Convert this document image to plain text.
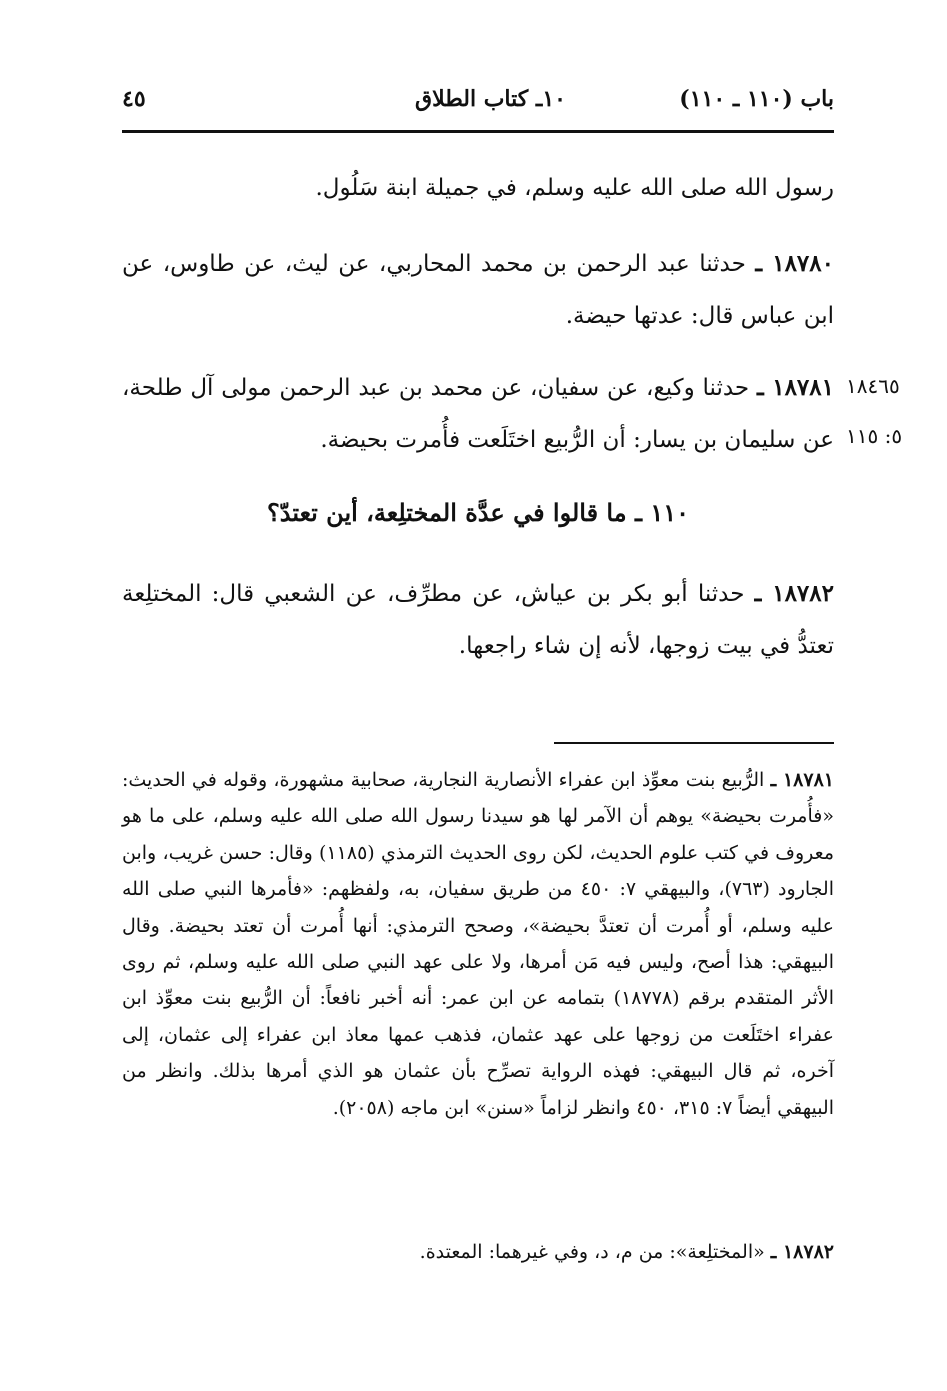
باب (١١٠ ـ ١١٠)
١٠ـ كتاب الطلاق
٤٥

رسول الله صلى الله عليه وسلم، في جميلة ابنة سَلُول.

١٨٧٨٠ ـ حدثنا عبد الرحمن بن محمد المحاربي، عن ليث، عن طاوس، عن ابن عباس قال: عدتها حيضة.

١٨٧٨١ ـ حدثنا وكيع، عن سفيان، عن محمد بن عبد الرحمن مولى آل طلحة، عن سليمان بن يسار: أن الرُّبيع اختَلَعت فأُمرت بحيضة.

١٨٤٦٥
٥: ١١٥
١١٠ ـ ما قالوا في عدَّة المختلِعة، أين تعتدّ؟

١٨٧٨٢ ـ حدثنا أبو بكر بن عياش، عن مطرِّف، عن الشعبي قال: المختلِعة تعتدُّ في بيت زوجها، لأنه إن شاء راجعها.

١٨٧٨١ ـ الرُّبيع بنت معوِّذ ابن عفراء الأنصارية النجارية، صحابية مشهورة، وقوله في الحديث: «فأُمرت بحيضة» يوهم أن الآمر لها هو سيدنا رسول الله صلى الله عليه وسلم، على ما هو معروف في كتب علوم الحديث، لكن روى الحديث الترمذي (١١٨٥) وقال: حسن غريب، وابن الجارود (٧٦٣)، والبيهقي ٧: ٤٥٠ من طريق سفيان، به، ولفظهم: «فأمرها النبي صلى الله عليه وسلم، أو أُمرت أن تعتدَّ بحيضة»، وصحح الترمذي: أنها أُمرت أن تعتد بحيضة. وقال البيهقي: هذا أصح، وليس فيه مَن أمرها، ولا على عهد النبي صلى الله عليه وسلم، ثم روى الأثر المتقدم برقم (١٨٧٧٨) بتمامه عن ابن عمر: أنه أخبر نافعاً: أن الرُّبيع بنت معوِّذ ابن عفراء اختَلَعت من زوجها على عهد عثمان، فذهب عمها معاذ ابن عفراء إلى عثمان، إلى آخره، ثم قال البيهقي: فهذه الرواية تصرِّح بأن عثمان هو الذي أمرها بذلك. وانظر من البيهقي أيضاً ٧: ٣١٥، ٤٥٠ وانظر لزاماً «سنن» ابن ماجه (٢٠٥٨).

١٨٧٨٢ ـ «المختلِعة»: من م، د، وفي غيرهما: المعتدة.
